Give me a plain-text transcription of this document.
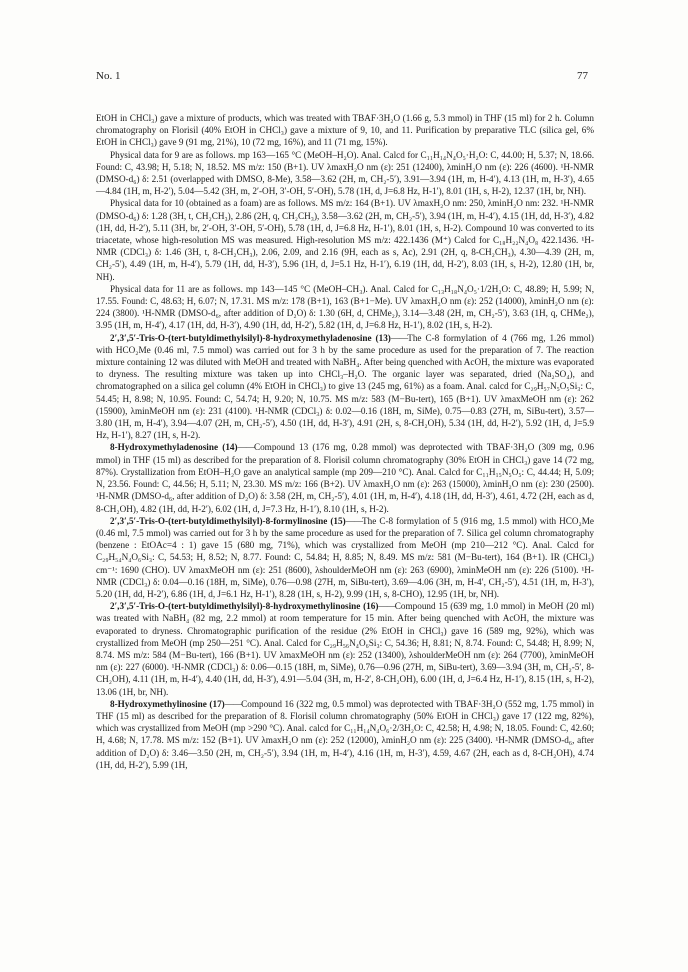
No. 1	77

EtOH in CHCl₃) gave a mixture of products, which was treated with TBAF·3H₂O (1.66 g, 5.3 mmol) in THF (15 ml) for 2 h. Column chromatography on Florisil (40% EtOH in CHCl₃) gave a mixture of 9, 10, and 11. Purification by preparative TLC (silica gel, 6% EtOH in CHCl₃) gave 9 (91 mg, 21%), 10 (72 mg, 16%), and 11 (71 mg, 15%).

Physical data for 9 are as follows. mp 163—165 °C (MeOH–H₂O). Anal. Calcd for C₁₁H₁₄N₄O₅·H₂O: C, 44.00; H, 5.37; N, 18.66. Found: C, 43.98; H, 5.18; N, 18.52. MS m/z: 150 (B+1). UV λmaxH₂O nm (ε): 251 (12400), λminH₂O nm (ε): 226 (4600). ¹H-NMR (DMSO-d₆) δ: 2.51 (overlapped with DMSO, 8-Me), 3.58—3.62 (2H, m, CH₂-5′), 3.91—3.94 (1H, m, H-4′), 4.13 (1H, m, H-3′), 4.65—4.84 (1H, m, H-2′), 5.04—5.42 (3H, m, 2′-OH, 3′-OH, 5′-OH), 5.78 (1H, d, J=6.8 Hz, H-1′), 8.01 (1H, s, H-2), 12.37 (1H, br, NH).

Physical data for 10 (obtained as a foam) are as follows. MS m/z: 164 (B+1). UV λmaxH₂O nm: 250, λminH₂O nm: 232. ¹H-NMR (DMSO-d₆) δ: 1.28 (3H, t, CH₂CH₃), 2.86 (2H, q, CH₂CH₃), 3.58—3.62 (2H, m, CH₂-5′), 3.94 (1H, m, H-4′), 4.15 (1H, dd, H-3′), 4.82 (1H, dd, H-2′), 5.11 (3H, br, 2′-OH, 3′-OH, 5′-OH), 5.78 (1H, d, J=6.8 Hz, H-1′), 8.01 (1H, s, H-2). Compound 10 was converted to its triacetate, whose high-resolution MS was measured. High-resolution MS m/z: 422.1436 (M⁺) Calcd for C₁₈H₂₂N₄O₈ 422.1436. ¹H-NMR (CDCl₃) δ: 1.46 (3H, t, 8-CH₂CH₃), 2.06, 2.09, and 2.16 (9H, each as s, Ac), 2.91 (2H, q, 8-CH₂CH₃), 4.30—4.39 (2H, m, CH₂-5′), 4.49 (1H, m, H-4′), 5.79 (1H, dd, H-3′), 5.96 (1H, d, J=5.1 Hz, H-1′), 6.19 (1H, dd, H-2′), 8.03 (1H, s, H-2), 12.80 (1H, br, NH).

Physical data for 11 are as follows. mp 143—145 °C (MeOH–CH₃). Anal. Calcd for C₁₃H₁₈N₄O₅·1/2H₂O: C, 48.89; H, 5.99; N, 17.55. Found: C, 48.63; H, 6.07; N, 17.31. MS m/z: 178 (B+1), 163 (B+1−Me). UV λmaxH₂O nm (ε): 252 (14000), λminH₂O nm (ε): 224 (3800). ¹H-NMR (DMSO-d₆, after addition of D₂O) δ: 1.30 (6H, d, CHMe₂), 3.14—3.48 (2H, m, CH₂-5′), 3.63 (1H, q, CHMe₂), 3.95 (1H, m, H-4′), 4.17 (1H, dd, H-3′), 4.90 (1H, dd, H-2′), 5.82 (1H, d, J=6.8 Hz, H-1′), 8.02 (1H, s, H-2).

2′,3′,5′-Tris-O-(tert-butyldimethylsilyl)-8-hydroxymethyladenosine (13)——The C-8 formylation of 4 (766 mg, 1.26 mmol) with HCO₂Me (0.46 ml, 7.5 mmol) was carried out for 3 h by the same procedure as used for the preparation of 7. The reaction mixture containing 12 was diluted with MeOH and treated with NaBH₄. After being quenched with AcOH, the mixture was evaporated to dryness. The resulting mixture was taken up into CHCl₃–H₂O. The organic layer was separated, dried (Na₂SO₄), and chromatographed on a silica gel column (4% EtOH in CHCl₃) to give 13 (245 mg, 61%) as a foam. Anal. calcd for C₂₉H₅₇N₅O₅Si₃: C, 54.45; H, 8.98; N, 10.95. Found: C, 54.74; H, 9.20; N, 10.75. MS m/z: 583 (M−Bu-tert), 165 (B+1). UV λmaxMeOH nm (ε): 262 (15900), λminMeOH nm (ε): 231 (4100). ¹H-NMR (CDCl₃) δ: 0.02—0.16 (18H, m, SiMe), 0.75—0.83 (27H, m, SiBu-tert), 3.57—3.80 (1H, m, H-4′), 3.94—4.07 (2H, m, CH₂-5′), 4.50 (1H, dd, H-3′), 4.91 (2H, s, 8-CH₂OH), 5.34 (1H, dd, H-2′), 5.92 (1H, d, J=5.9 Hz, H-1′), 8.27 (1H, s, H-2).

8-Hydroxymethyladenosine (14)——Compound 13 (176 mg, 0.28 mmol) was deprotected with TBAF·3H₂O (309 mg, 0.96 mmol) in THF (15 ml) as described for the preparation of 8. Florisil column chromatography (30% EtOH in CHCl₃) gave 14 (72 mg, 87%). Crystallization from EtOH–H₂O gave an analytical sample (mp 209—210 °C). Anal. Calcd for C₁₁H₁₅N₅O₅: C, 44.44; H, 5.09; N, 23.56. Found: C, 44.56; H, 5.11; N, 23.30. MS m/z: 166 (B+2). UV λmaxH₂O nm (ε): 263 (15000), λminH₂O nm (ε): 230 (2500). ¹H-NMR (DMSO-d₆, after addition of D₂O) δ: 3.58 (2H, m, CH₂-5′), 4.01 (1H, m, H-4′), 4.18 (1H, dd, H-3′), 4.61, 4.72 (2H, each as d, 8-CH₂OH), 4.82 (1H, dd, H-2′), 6.02 (1H, d, J=7.3 Hz, H-1′), 8.10 (1H, s, H-2).

2′,3′,5′-Tris-O-(tert-butyldimethylsilyl)-8-formylinosine (15)——The C-8 formylation of 5 (916 mg, 1.5 mmol) with HCO₂Me (0.46 ml, 7.5 mmol) was carried out for 3 h by the same procedure as used for the preparation of 7. Silica gel column chromatography (benzene : EtOAc=4 : 1) gave 15 (680 mg, 71%), which was crystallized from MeOH (mp 210—212 °C). Anal. Calcd for C₂₉H₅₄N₄O₆Si₃: C, 54.53; H, 8.52; N, 8.77. Found: C, 54.84; H, 8.85; N, 8.49. MS m/z: 581 (M−Bu-tert), 164 (B+1). IR (CHCl₃) cm⁻¹: 1690 (CHO). UV λmaxMeOH nm (ε): 251 (8600), λshoulderMeOH nm (ε): 263 (6900), λminMeOH nm (ε): 226 (5100). ¹H-NMR (CDCl₃) δ: 0.04—0.16 (18H, m, SiMe), 0.76—0.98 (27H, m, SiBu-tert), 3.69—4.06 (3H, m, H-4′, CH₂-5′), 4.51 (1H, m, H-3′), 5.20 (1H, dd, H-2′), 6.86 (1H, d, J=6.1 Hz, H-1′), 8.28 (1H, s, H-2), 9.99 (1H, s, 8-CHO), 12.95 (1H, br, NH).

2′,3′,5′-Tris-O-(tert-butyldimethylsilyl)-8-hydroxymethylinosine (16)——Compound 15 (639 mg, 1.0 mmol) in MeOH (20 ml) was treated with NaBH₄ (82 mg, 2.2 mmol) at room temperature for 15 min. After being quenched with AcOH, the mixture was evaporated to dryness. Chromatographic purification of the residue (2% EtOH in CHCl₃) gave 16 (589 mg, 92%), which was crystallized from MeOH (mp 250—251 °C). Anal. Calcd for C₂₉H₅₆N₄O₆Si₃: C, 54.36; H, 8.81; N, 8.74. Found: C, 54.48; H, 8.99; N, 8.74. MS m/z: 584 (M−Bu-tert), 166 (B+1). UV λmaxMeOH nm (ε): 252 (13400), λshoulderMeOH nm (ε): 264 (7700), λminMeOH nm (ε): 227 (6000). ¹H-NMR (CDCl₃) δ: 0.06—0.15 (18H, m, SiMe), 0.76—0.96 (27H, m, SiBu-tert), 3.69—3.94 (3H, m, CH₂-5′, 8-CH₂OH), 4.11 (1H, m, H-4′), 4.40 (1H, dd, H-3′), 4.91—5.04 (3H, m, H-2′, 8-CH₂OH), 6.00 (1H, d, J=6.4 Hz, H-1′), 8.15 (1H, s, H-2), 13.06 (1H, br, NH).

8-Hydroxymethylinosine (17)——Compound 16 (322 mg, 0.5 mmol) was deprotected with TBAF·3H₂O (552 mg, 1.75 mmol) in THF (15 ml) as described for the preparation of 8. Florisil column chromatography (50% EtOH in CHCl₃) gave 17 (122 mg, 82%), which was crystallized from MeOH (mp >290 °C). Anal. calcd for C₁₁H₁₄N₄O₆·2/3H₂O: C, 42.58; H, 4.98; N, 18.05. Found: C, 42.60; H, 4.68; N, 17.78. MS m/z: 152 (B+1). UV λmaxH₂O nm (ε): 252 (12000), λminH₂O nm (ε): 225 (3400). ¹H-NMR (DMSO-d₆, after addition of D₂O) δ: 3.46—3.50 (2H, m, CH₂-5′), 3.94 (1H, m, H-4′), 4.16 (1H, m, H-3′), 4.59, 4.67 (2H, each as d, 8-CH₂OH), 4.74 (1H, dd, H-2′), 5.99 (1H,
